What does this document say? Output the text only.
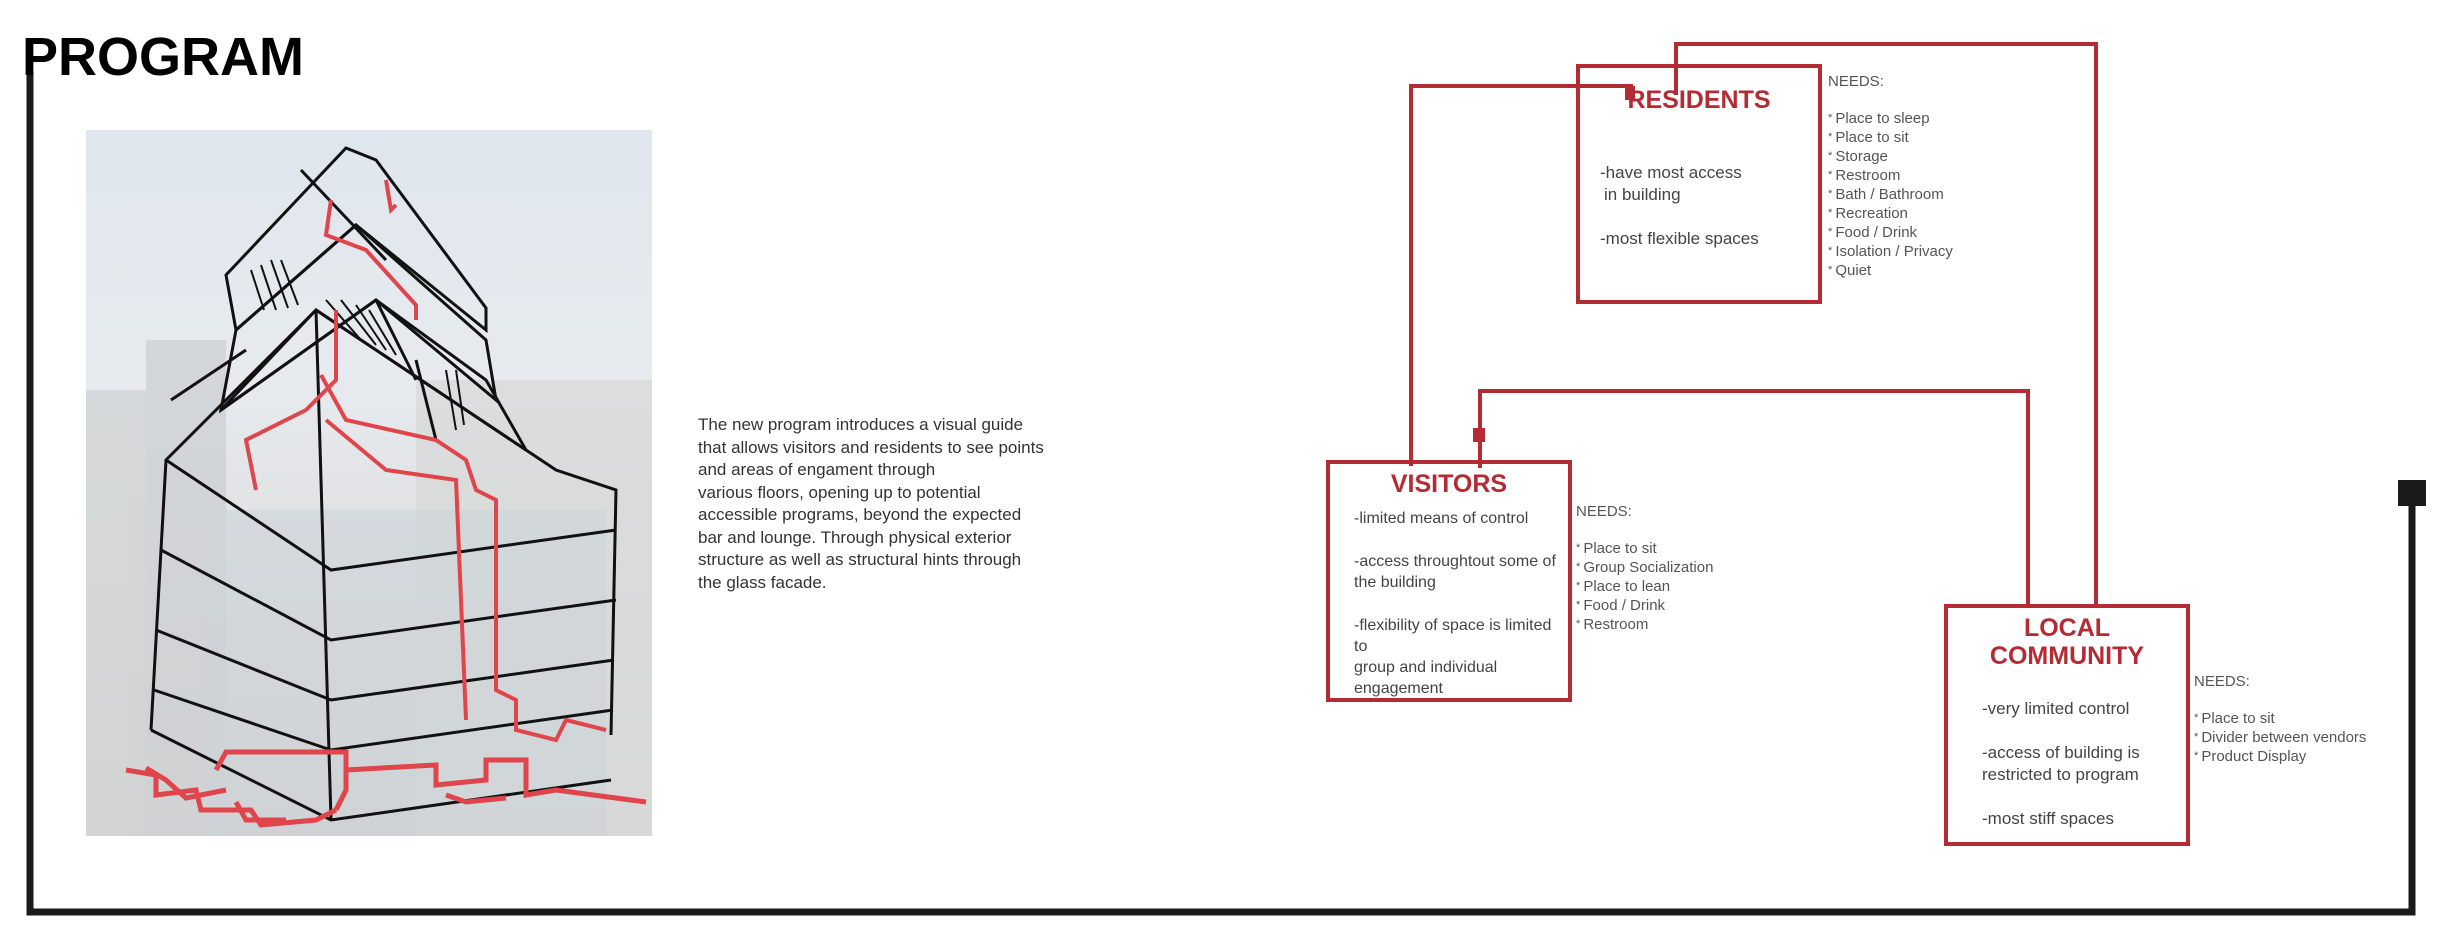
PROGRAM
The new program introduces a visual guide
that allows visitors and residents to see points
and areas of engament through
various floors, opening up to potential
accessible programs, beyond the expected
bar and lounge. Through physical exterior
structure as well as structural hints through
the glass facade.
RESIDENTS
-have most access
in building
-most flexible spaces
NEEDS:
* Place to sleep
* Place to sit
* Storage
* Restroom
* Bath / Bathroom
* Recreation
* Food / Drink
* Isolation / Privacy
* Quiet
VISITORS
-limited means of control
-access throughtout some of
the building
-flexibility of space is limited to
group and individual
engagement
NEEDS:
* Place to sit
* Group Socialization
* Place to lean
* Food / Drink
* Restroom	LOCAL
COMMUNITY
-very limited control
-access of building is
restricted to program
-most stiff spaces
NEEDS:
* Place to sit
* Divider between vendors
* Product Display
